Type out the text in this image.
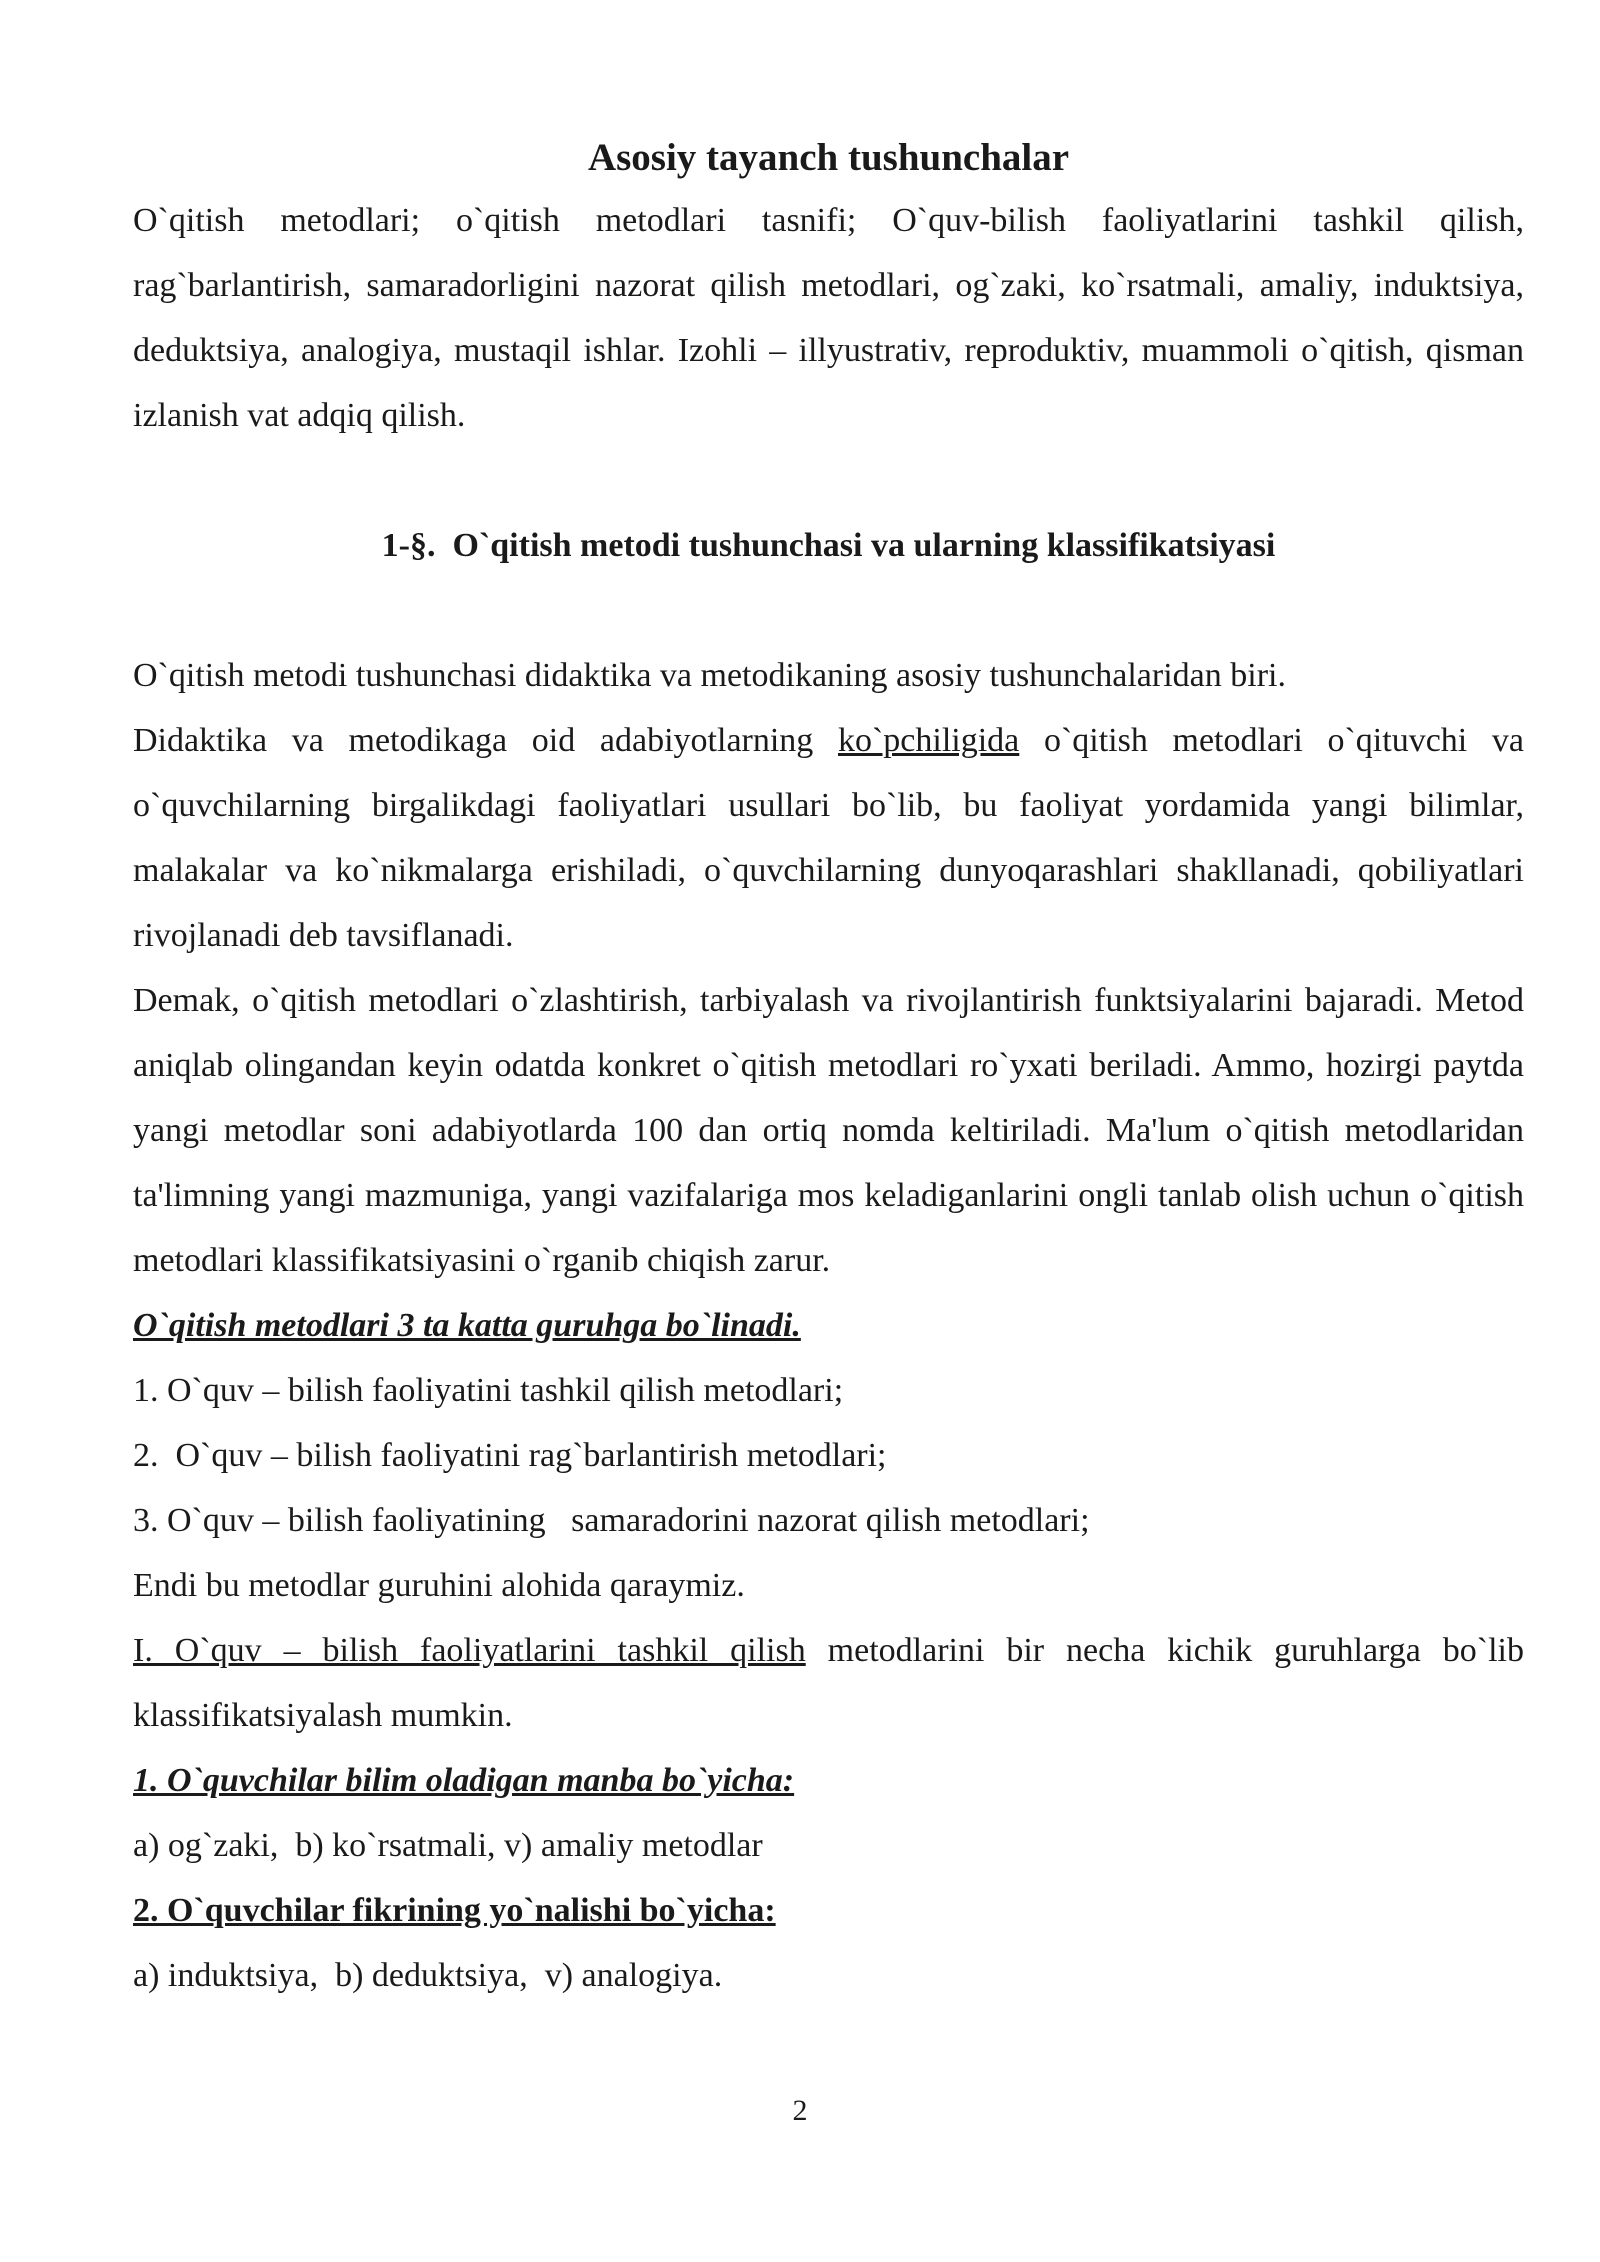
Asosiy tayanch tushunchalar

O`qitish metodlari; o`qitish metodlari tasnifi; O`quv-bilish faoliyatlarini tashkil qilish, rag`barlantirish, samaradorligini nazorat qilish metodlari, og`zaki, ko`rsatmali, amaliy, induktsiya, deduktsiya, analogiya, mustaqil ishlar. Izohli – illyustrativ, reproduktiv, muammoli o`qitish, qisman izlanish vat adqiq qilish.

1-§.  O`qitish metodi tushunchasi va ularning klassifikatsiyasi

O`qitish metodi tushunchasi didaktika va metodikaning asosiy tushunchalaridan biri.

Didaktika va metodikaga oid adabiyotlarning ko`pchiligida o`qitish metodlari o`qituvchi va o`quvchilarning birgalikdagi faoliyatlari usullari bo`lib, bu faoliyat yordamida yangi bilimlar, malakalar va ko`nikmalarga erishiladi, o`quvchilarning dunyoqarashlari shakllanadi, qobiliyatlari rivojlanadi deb tavsiflanadi.

Demak, o`qitish metodlari o`zlashtirish, tarbiyalash va rivojlantirish funktsiyalarini bajaradi. Metod aniqlab olingandan keyin odatda konkret o`qitish metodlari ro`yxati beriladi. Ammo, hozirgi paytda yangi metodlar soni adabiyotlarda 100 dan ortiq nomda keltiriladi. Ma'lum o`qitish metodlaridan ta'limning yangi mazmuniga, yangi vazifalariga mos keladiganlarini ongli tanlab olish uchun o`qitish metodlari klassifikatsiyasini o`rganib chiqish zarur.

O`qitish metodlari 3 ta katta guruhga bo`linadi.

1. O`quv – bilish faoliyatini tashkil qilish metodlari;

2.  O`quv – bilish faoliyatini rag`barlantirish metodlari;

3. O`quv – bilish faoliyatining   samaradorini nazorat qilish metodlari;

Endi bu metodlar guruhini alohida qaraymiz.

I. O`quv – bilish faoliyatlarini tashkil qilish metodlarini bir necha kichik guruhlarga bo`lib klassifikatsiyalash mumkin.

1. O`quvchilar bilim oladigan manba bo`yicha:

a) og`zaki,  b) ko`rsatmali, v) amaliy metodlar

2. O`quvchilar fikrining yo`nalishi bo`yicha:

a) induktsiya,  b) deduktsiya,  v) analogiya.

2
